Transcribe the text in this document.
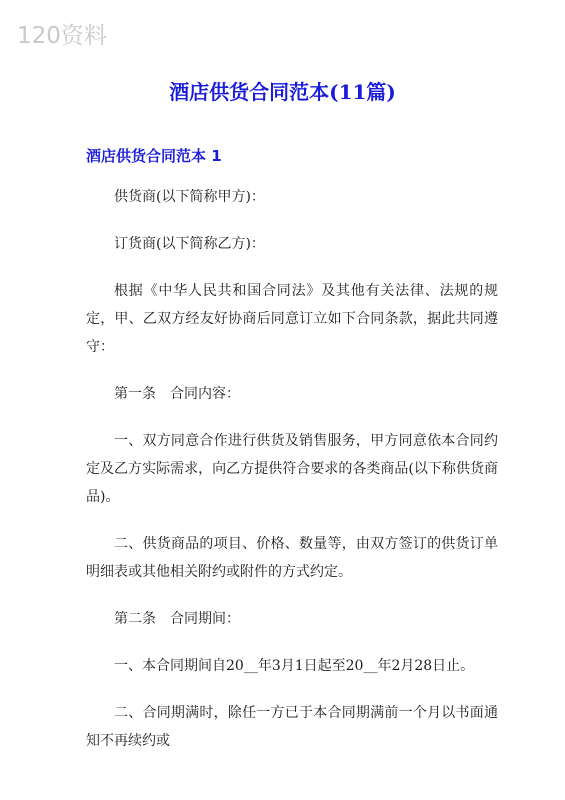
120资料
酒店供货合同范本(11篇)
酒店供货合同范本 1

供货商(以下简称甲方)：

订货商(以下简称乙方)：

根据《中华人民共和国合同法》及其他有关法律、法规的规定，甲、乙双方经友好协商后同意订立如下合同条款，据此共同遵守：

第一条　合同内容：

一、双方同意合作进行供货及销售服务，甲方同意依本合同约定及乙方实际需求，向乙方提供符合要求的各类商品(以下称供货商品)。

二、供货商品的项目、价格、数量等，由双方签订的供货订单明细表或其他相关附约或附件的方式约定。

第二条　合同期间：

一、本合同期间自20__年3月1日起至20__年2月28日止。

二、合同期满时，除任一方已于本合同期满前一个月以书面通知不再续约或
